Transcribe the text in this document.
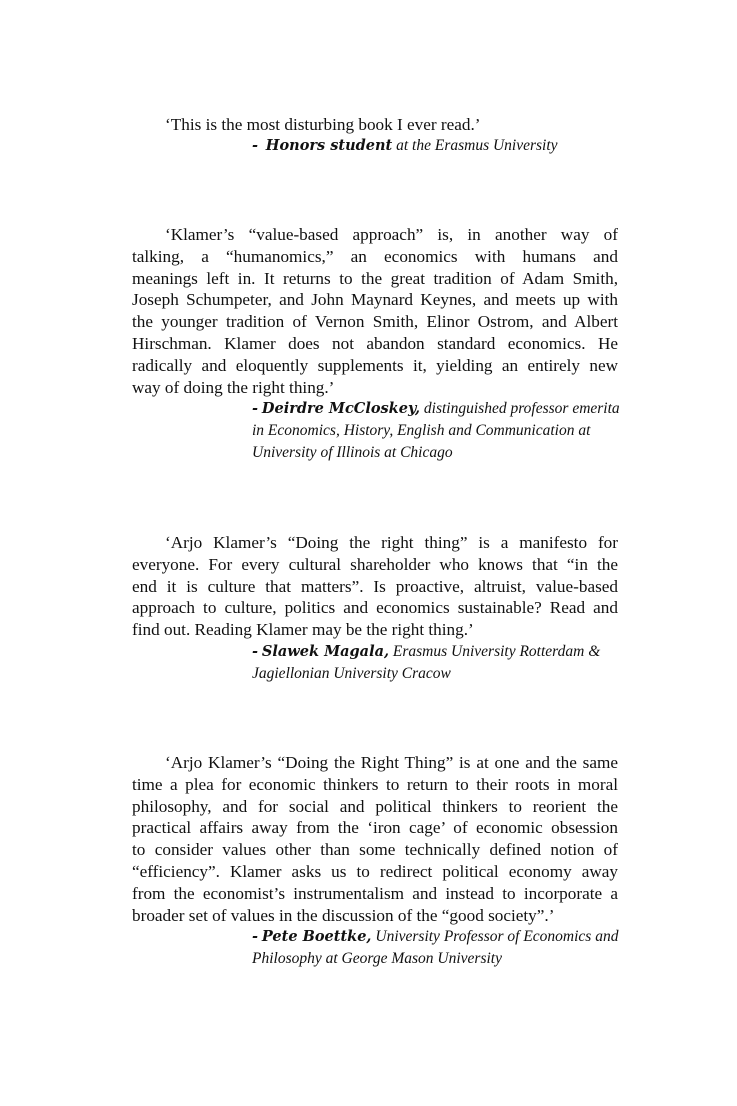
‘This is the most disturbing book I ever read.’
- Honors student at the Erasmus University
‘Klamer’s “value-based approach” is, in another way of
talking, a “humanomics,” an economics with humans and
meanings left in. It returns to the great tradition of Adam Smith,
Joseph Schumpeter, and John Maynard Keynes, and meets up with
the younger tradition of Vernon Smith, Elinor Ostrom, and Albert
Hirschman. Klamer does not abandon standard economics. He
radically and eloquently supplements it, yielding an entirely new
way of doing the right thing.’
- Deirdre McCloskey, distinguished professor emerita
in Economics, History, English and Communication at
University of Illinois at Chicago
‘Arjo Klamer’s “Doing the right thing” is a manifesto for
everyone. For every cultural shareholder who knows that “in the
end it is culture that matters”. Is proactive, altruist, value-based
approach to culture, politics and economics sustainable? Read and
find out. Reading Klamer may be the right thing.’
- Slawek Magala, Erasmus University Rotterdam &
Jagiellonian University Cracow
‘Arjo Klamer’s “Doing the Right Thing” is at one and the same
time a plea for economic thinkers to return to their roots in moral
philosophy, and for social and political thinkers to reorient the
practical affairs away from the ‘iron cage’ of economic obsession
to consider values other than some technically defined notion of
“efficiency”. Klamer asks us to redirect political economy away
from the economist’s instrumentalism and instead to incorporate a
broader set of values in the discussion of the “good society”.’
- Pete Boettke, University Professor of Economics and
Philosophy at George Mason University
